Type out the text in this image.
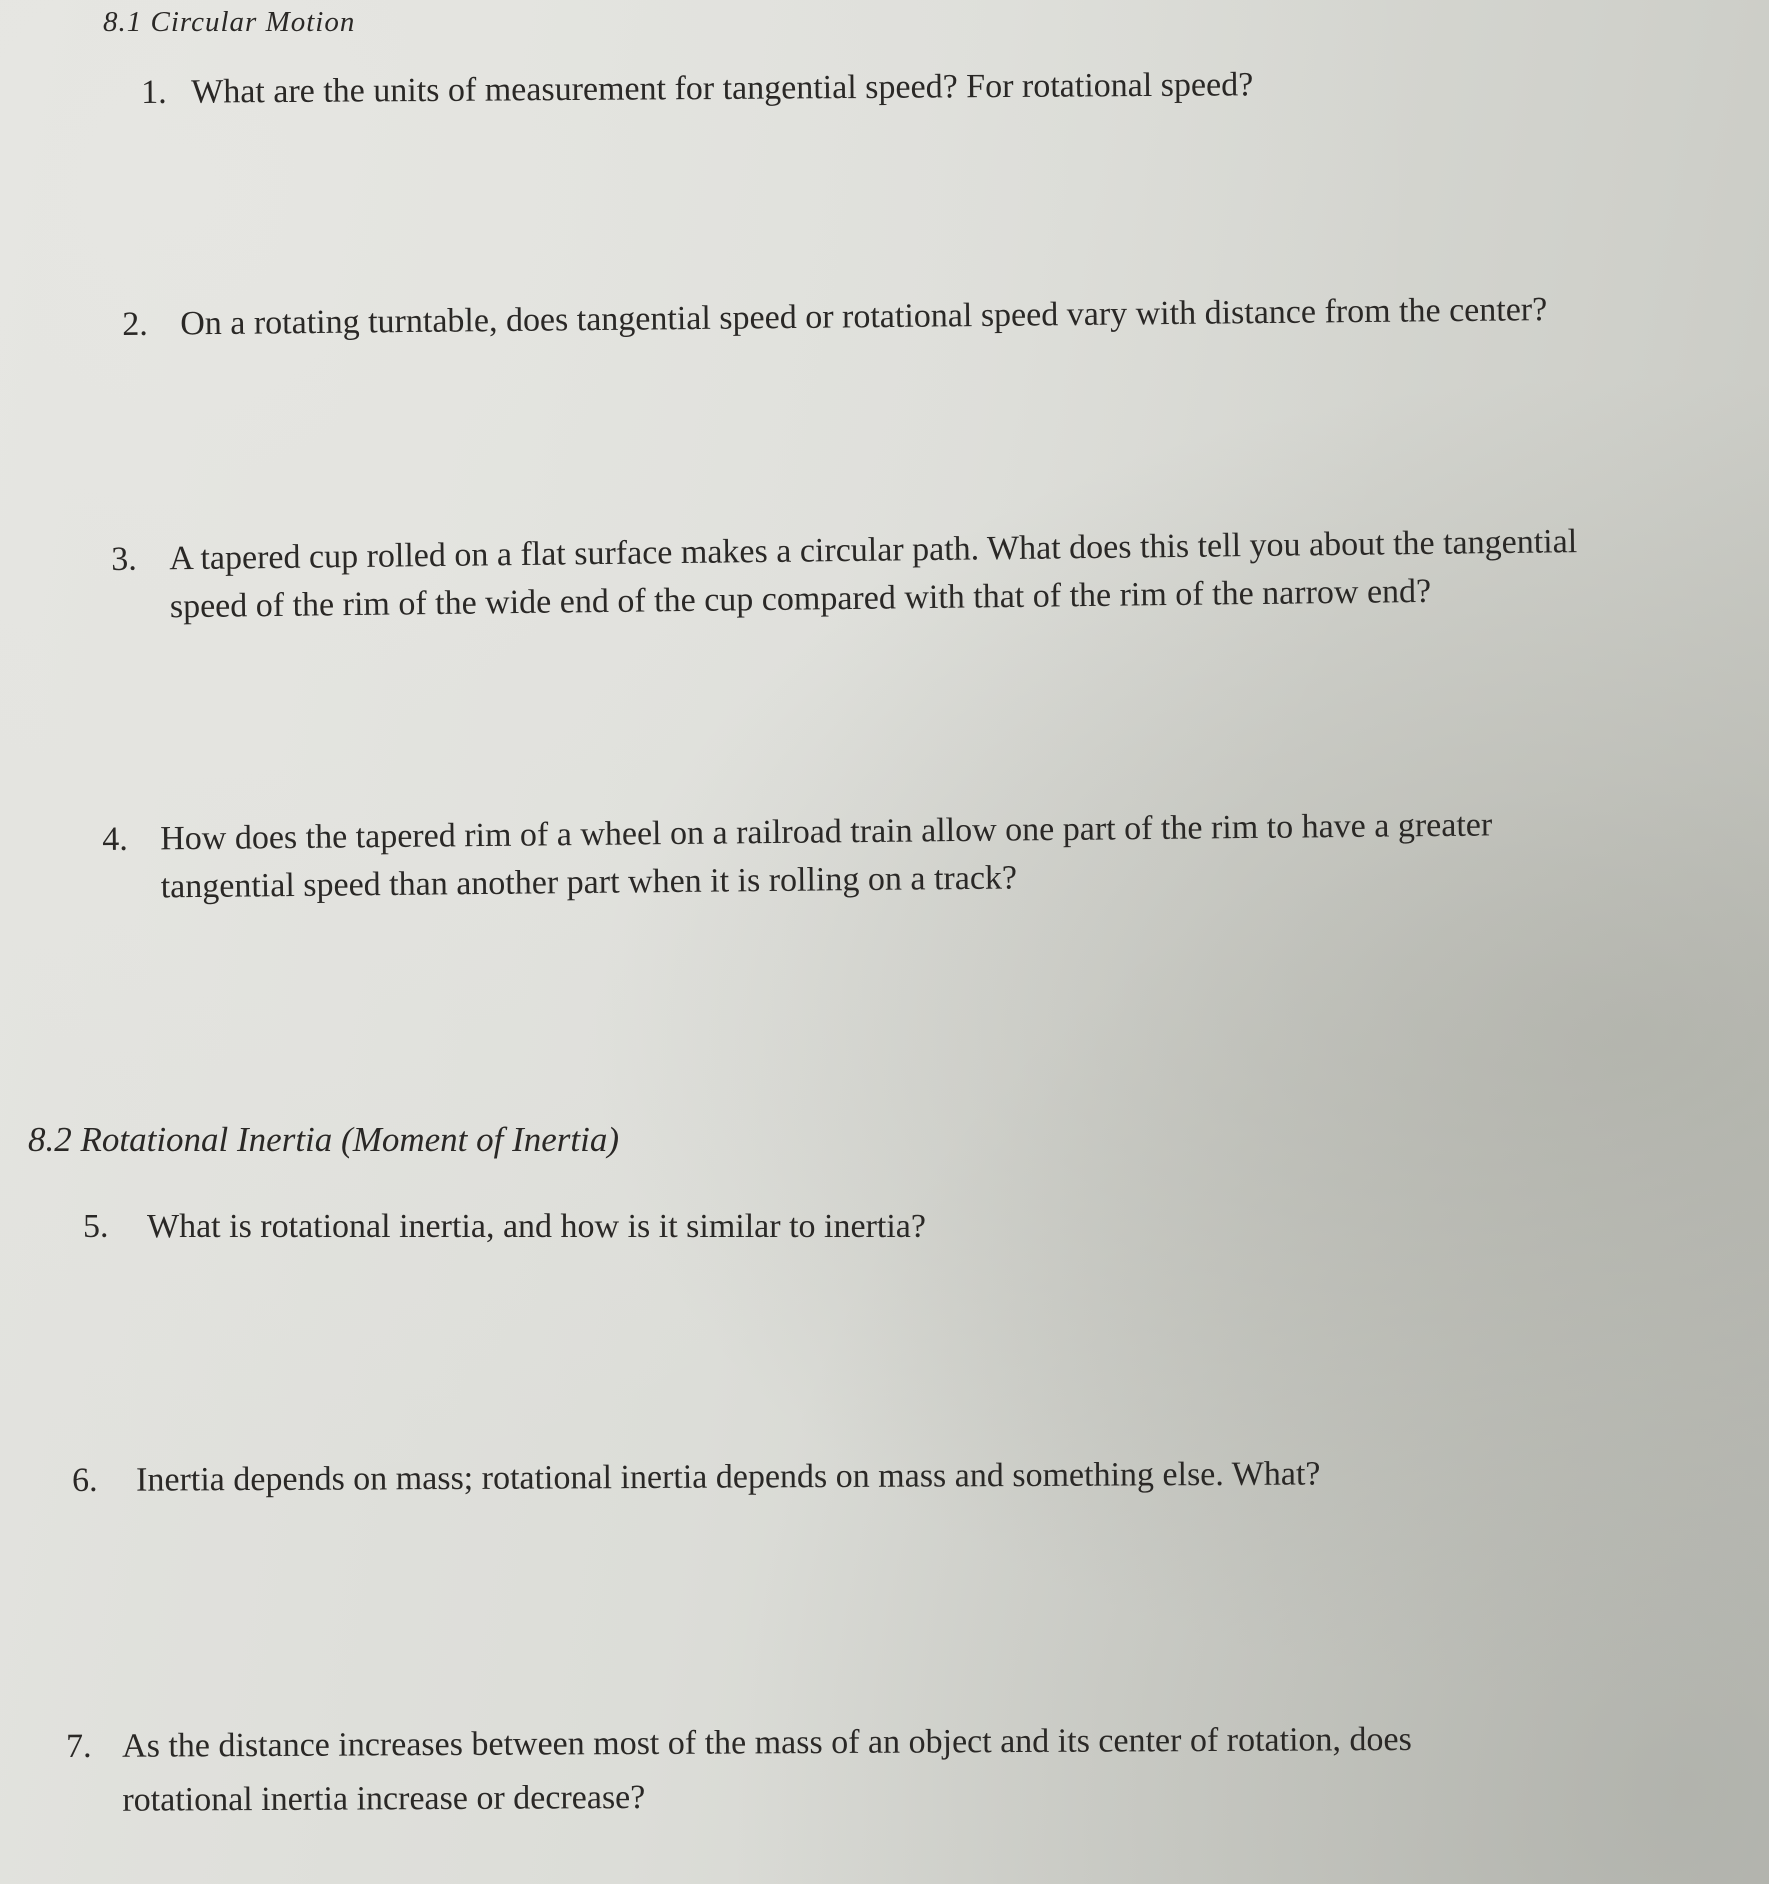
8.1 Circular Motion

1. What are the units of measurement for tangential speed? For rotational speed?

2. On a rotating turntable, does tangential speed or rotational speed vary with distance from the center?

3. A tapered cup rolled on a flat surface makes a circular path. What does this tell you about the tangential
speed of the rim of the wide end of the cup compared with that of the rim of the narrow end?

4. How does the tapered rim of a wheel on a railroad train allow one part of the rim to have a greater
tangential speed than another part when it is rolling on a track?

8.2 Rotational Inertia (Moment of Inertia)

5. What is rotational inertia, and how is it similar to inertia?

6. Inertia depends on mass; rotational inertia depends on mass and something else. What?

7. As the distance increases between most of the mass of an object and its center of rotation, does
rotational inertia increase or decrease?
